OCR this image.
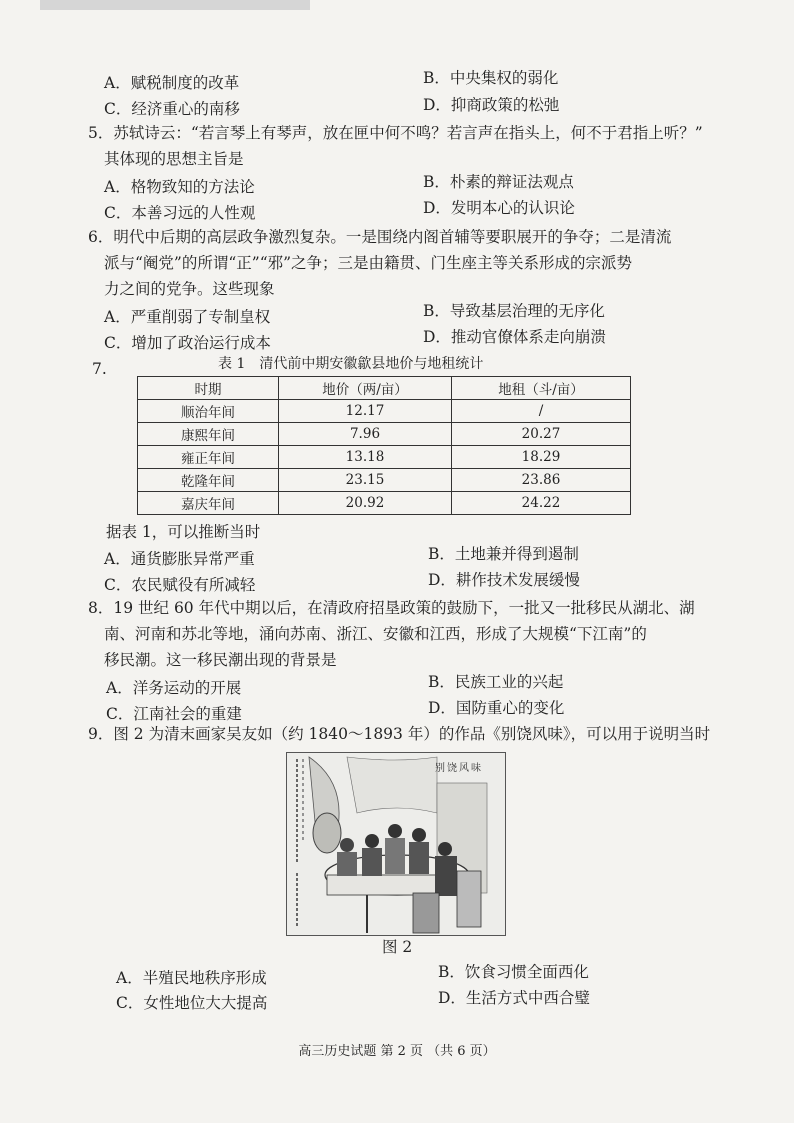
A．赋税制度的改革	B．中央集权的弱化
C．经济重心的南移	D．抑商政策的松弛
5．苏轼诗云：“若言琴上有琴声，放在匣中何不鸣？若言声在指头上，何不于君指上听？”
其体现的思想主旨是
A．格物致知的方法论	B．朴素的辩证法观点
C．本善习远的人性观	D．发明本心的认识论
6．明代中后期的高层政争激烈复杂。一是围绕内阁首辅等要职展开的争夺；二是清流
派与“阉党”的所谓“正”“邪”之争；三是由籍贯、门生座主等关系形成的宗派势
力之间的党争。这些现象
A．严重削弱了专制皇权	B．导致基层治理的无序化
C．增加了政治运行成本	D．推动官僚体系走向崩溃
7.	表 1　清代前中期安徽歙县地价与地租统计
时期	地价（两/亩）	地租（斗/亩）
顺治年间	12.17	/
康熙年间	7.96	20.27
雍正年间	13.18	18.29
乾隆年间	23.15	23.86
嘉庆年间	20.92	24.22
据表 1，可以推断当时
A．通货膨胀异常严重	B．土地兼并得到遏制
C．农民赋役有所减轻	D．耕作技术发展缓慢
8．19 世纪 60 年代中期以后，在清政府招垦政策的鼓励下，一批又一批移民从湖北、湖
南、河南和苏北等地，涌向苏南、浙江、安徽和江西，形成了大规模“下江南”的
移民潮。这一移民潮出现的背景是
A．洋务运动的开展	B．民族工业的兴起
C．江南社会的重建	D．国防重心的变化
9．图 2 为清末画家吴友如（约 1840～1893 年）的作品《别饶风味》，可以用于说明当时
别饶风味
图 2
A．半殖民地秩序形成	B．饮食习惯全面西化
C．女性地位大大提高	D．生活方式中西合璧
高三历史试题 第 2 页 （共 6 页）
